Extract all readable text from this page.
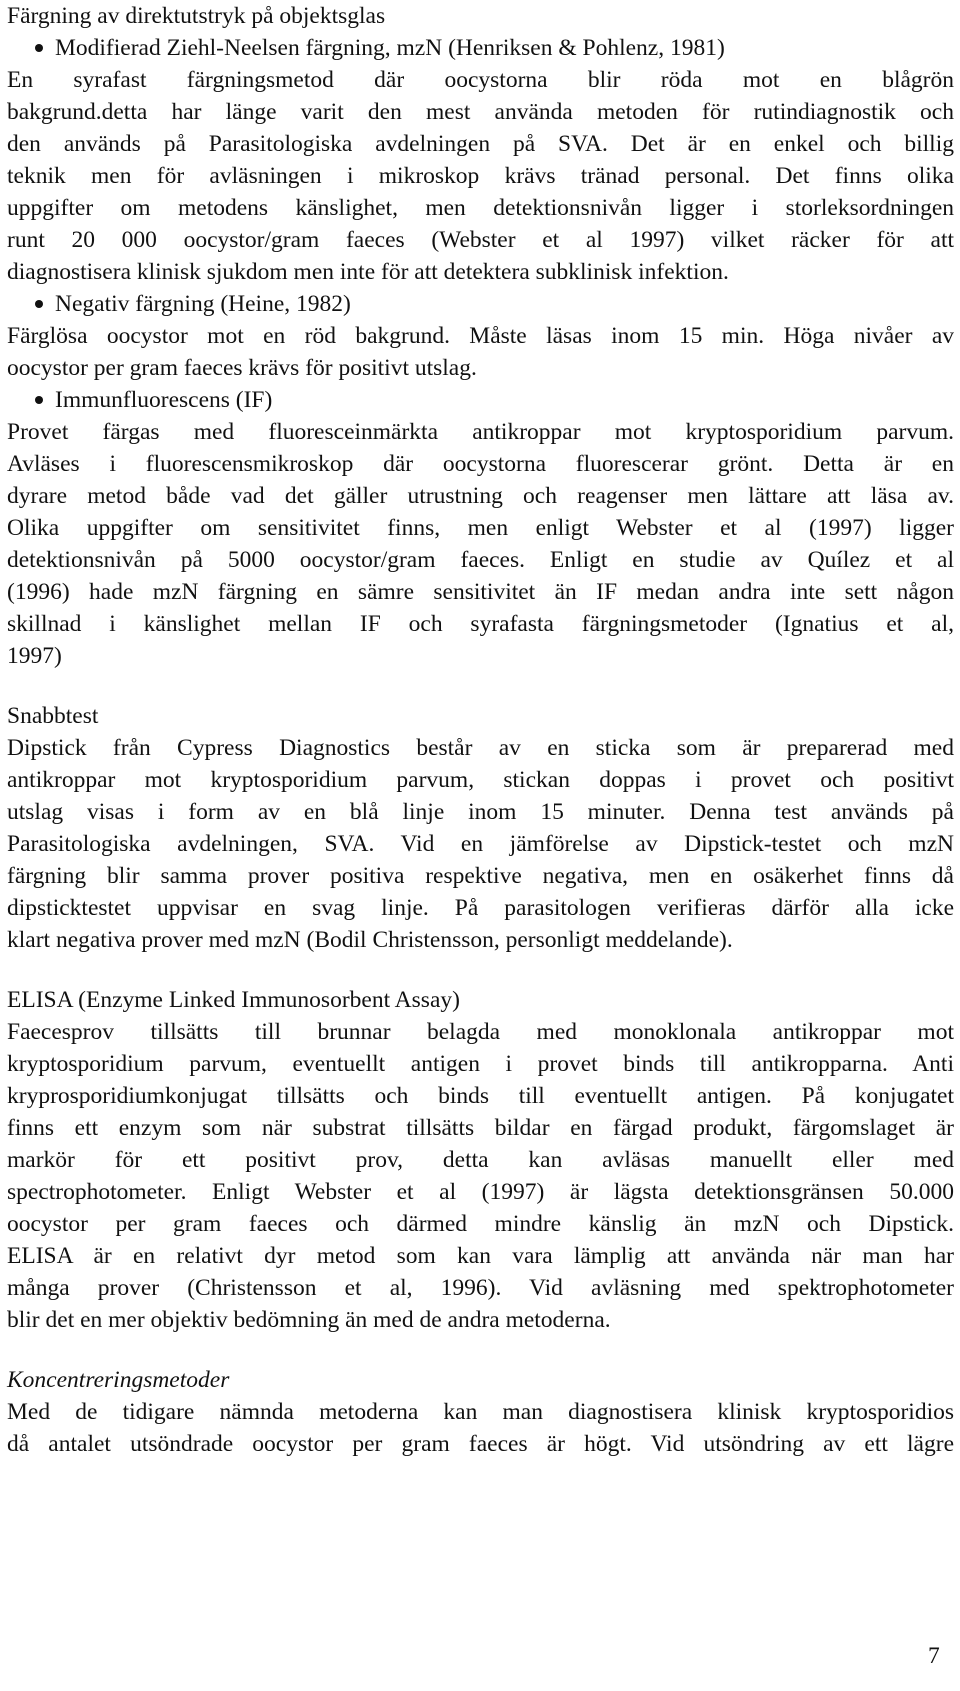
Färgning av direktutstryk på objektsglas
Modifierad Ziehl-Neelsen färgning, mzN (Henriksen & Pohlenz, 1981)
En syrafast färgningsmetod där oocystorna blir röda mot en blågrön
bakgrund.detta har länge varit den mest använda metoden för rutindiagnostik och
den används på Parasitologiska avdelningen på SVA. Det är en enkel och billig
teknik men för avläsningen i mikroskop krävs tränad personal. Det finns olika
uppgifter om metodens känslighet, men detektionsnivån ligger i storleksordningen
runt 20 000 oocystor/gram faeces (Webster et al 1997) vilket räcker för att
diagnostisera klinisk sjukdom men inte för att detektera subklinisk infektion.
Negativ färgning (Heine, 1982)
Färglösa oocystor mot en röd bakgrund. Måste läsas inom 15 min. Höga nivåer av
oocystor per gram faeces krävs för positivt utslag.
Immunfluorescens (IF)
Provet färgas med fluoresceinmärkta antikroppar mot kryptosporidium parvum.
Avläses i fluorescensmikroskop där oocystorna fluorescerar grönt. Detta är en
dyrare metod både vad det gäller utrustning och reagenser men lättare att läsa av.
Olika uppgifter om sensitivitet finns, men enligt Webster et al (1997) ligger
detektionsnivån på 5000 oocystor/gram faeces. Enligt en studie av Quílez et al
(1996) hade mzN färgning en sämre sensitivitet än IF medan andra inte sett någon
skillnad i känslighet mellan IF och syrafasta färgningsmetoder (Ignatius et al,
1997)
Snabbtest
Dipstick från Cypress Diagnostics består av en sticka som är preparerad med
antikroppar mot kryptosporidium parvum, stickan doppas i provet och positivt
utslag visas i form av en blå linje inom 15 minuter. Denna test används på
Parasitologiska avdelningen, SVA. Vid en jämförelse av Dipstick-testet och mzN
färgning blir samma prover positiva respektive negativa, men en osäkerhet finns då
dipsticktestet uppvisar en svag linje. På parasitologen verifieras därför alla icke
klart negativa prover med mzN (Bodil Christensson, personligt meddelande).
ELISA (Enzyme Linked Immunosorbent Assay)
Faecesprov tillsätts till brunnar belagda med monoklonala antikroppar mot
kryptosporidium parvum, eventuellt antigen i provet binds till antikropparna. Anti
kryprosporidiumkonjugat tillsätts och binds till eventuellt antigen. På konjugatet
finns ett enzym som när substrat tillsätts bildar en färgad produkt, färgomslaget är
markör för ett positivt prov, detta kan avläsas manuellt eller med
spectrophotometer. Enligt Webster et al (1997) är lägsta detektionsgränsen 50.000
oocystor per gram faeces och därmed mindre känslig än mzN och Dipstick.
ELISA är en relativt dyr metod som kan vara lämplig att använda när man har
många prover (Christensson et al, 1996). Vid avläsning med spektrophotometer
blir det en mer objektiv bedömning än med de andra metoderna.
Koncentreringsmetoder
Med de tidigare nämnda metoderna kan man diagnostisera klinisk kryptosporidios
då antalet utsöndrade oocystor per gram faeces är högt. Vid utsöndring av ett lägre
7
